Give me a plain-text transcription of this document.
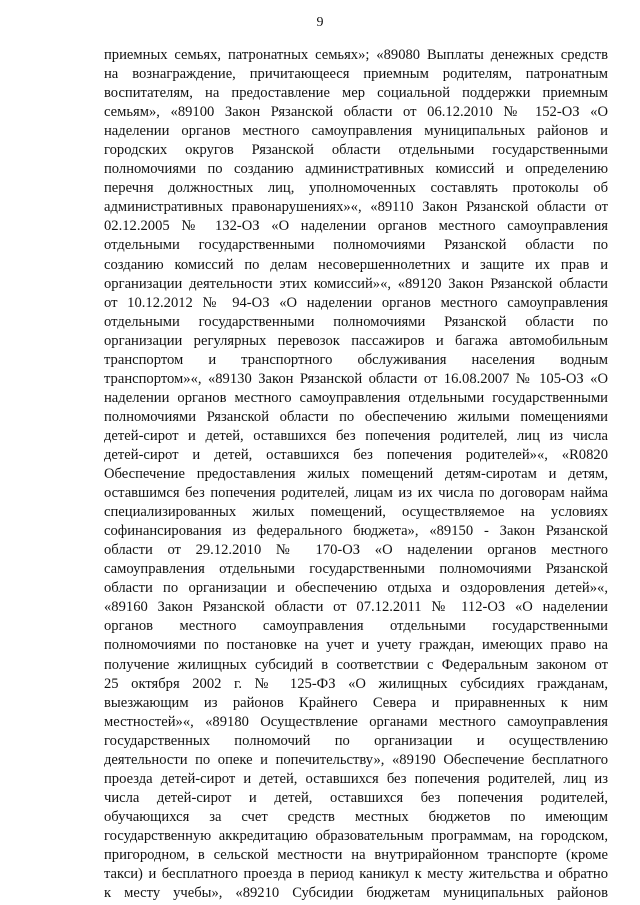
9
приемных семьях, патронатных семьях»; «89080 Выплаты денежных средств
на вознаграждение, причитающееся приемным родителям, патронатным
воспитателям, на предоставление мер социальной поддержки приемным
семьям», «89100 Закон Рязанской области от 06.12.2010 № 152-ОЗ «О
наделении органов местного самоуправления муниципальных районов и
городских округов Рязанской области отдельными государственными
полномочиями по созданию административных комиссий и определению
перечня должностных лиц, уполномоченных составлять протоколы об
административных правонарушениях»«, «89110 Закон Рязанской области от
02.12.2005 № 132-ОЗ «О наделении органов местного самоуправления
отдельными государственными полномочиями Рязанской области по
созданию комиссий по делам несовершеннолетних и защите их прав и
организации деятельности этих комиссий»«, «89120 Закон Рязанской области
от 10.12.2012 № 94-ОЗ «О наделении органов местного самоуправления
отдельными государственными полномочиями Рязанской области по
организации регулярных перевозок пассажиров и багажа автомобильным
транспортом и транспортного обслуживания населения водным
транспортом»«, «89130 Закон Рязанской области от 16.08.2007 № 105-ОЗ «О
наделении органов местного самоуправления отдельными государственными
полномочиями Рязанской области по обеспечению жилыми помещениями
детей-сирот и детей, оставшихся без попечения родителей, лиц из числа
детей-сирот и детей, оставшихся без попечения родителей»«, «R0820
Обеспечение предоставления жилых помещений детям-сиротам и детям,
оставшимся без попечения родителей, лицам из их числа по договорам найма
специализированных жилых помещений, осуществляемое на условиях
софинансирования из федерального бюджета», «89150 - Закон Рязанской
области от 29.12.2010 № 170-ОЗ «О наделении органов местного
самоуправления отдельными государственными полномочиями Рязанской
области по организации и обеспечению отдыха и оздоровления детей»«,
«89160 Закон Рязанской области от 07.12.2011 № 112-ОЗ «О наделении
органов местного самоуправления отдельными государственными
полномочиями по постановке на учет и учету граждан, имеющих право на
получение жилищных субсидий в соответствии с Федеральным законом от
25 октября 2002 г. № 125-ФЗ «О жилищных субсидиях гражданам,
выезжающим из районов Крайнего Севера и приравненных к ним
местностей»«, «89180 Осуществление органами местного самоуправления
государственных полномочий по организации и осуществлению
деятельности по опеке и попечительству», «89190 Обеспечение бесплатного
проезда детей-сирот и детей, оставшихся без попечения родителей, лиц из
числа детей-сирот и детей, оставшихся без попечения родителей,
обучающихся за счет средств местных бюджетов по имеющим
государственную аккредитацию образовательным программам, на городском,
пригородном, в сельской местности на внутрирайонном транспорте (кроме
такси) и бесплатного проезда в период каникул к месту жительства и обратно
к месту учебы», «89210 Субсидии бюджетам муниципальных районов
